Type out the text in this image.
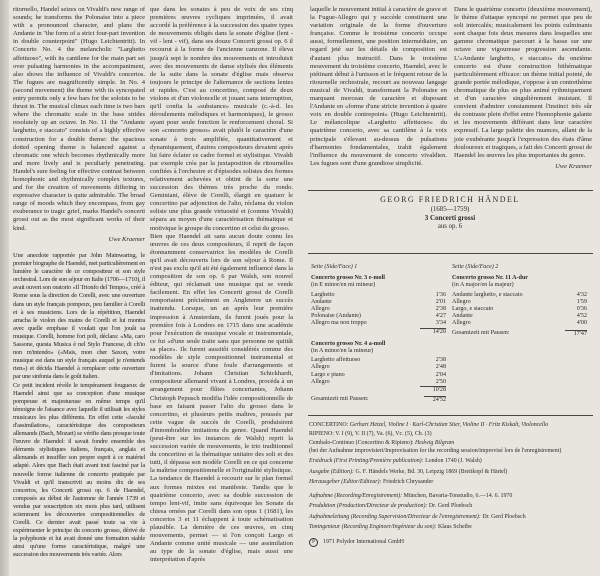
ritornello, Handel seizes on Vivaldi's new range of sounds; he transforms the Polonaise into a piece with a pronounced character, and plans the Andante in "the form of a strict four-part invention in double counterpoint" (Hugo Leichtentritt). In Concerto No. 4 the melancholic "Larghetto affettuoso", with its cantilene for the main part set over pulsating harmonies in the accompaniment, also shows the influence of Vivaldi's concertos. The fugues are magnificently simple. In No. 4 (second movement) the theme with its syncopated entry permits only a few bars for the soloists to be thrust in. The musical climax each time is two bars where the chromatic scale in the bass strides resolutely up an octave. In No. 11 the "Andante larghetto, e staccato" consists of a highly effective construction for a double theme: the spacious dotted opening theme is balanced against a chromatic one which becomes rhythmically more and more lively and is peculiarly penetrating. Handel's sure feeling for effective contrast between homophonic and rhythmically complex textures, and for the creation of movements differing in expressive character is quite admirable. The broad range of moods which they encompass, from gay exuberance to tragic grief, marks Handel's concerti grossi out as the most significant works of their kind.

Uwe Kraemer

Une anecdote rapportée par John Mainwaring, le premier biographe de Haendel, met particulièrement en lumière le caractère de ce compositeur et son style orchestral. Lors de son séjour en Italie (1706—1710), il avait ouvert son oratorio «Il Trionfo del Tempo», créé à Rome sous la direction de Corelli, avec une ouverture dans un style français pompeux, peu familier à Corelli et à ses musiciens. Lors de la répétition, Haendel arracha le violon des mains de Corelli et lui montra avec quelle emphase il voulait que l'on jouât sa musique. Corelli, homme fort poli, déclara: «Ma, caro Sassone, questa Musica è nel Stylo Francese, di ch'io non m'intendo» («Mais, mon cher Saxon, votre musique est dans un style français auquel je n'entends rien») et décida Haendel à remplacer cette ouverture par une sinfonia dans le goût italien.

Ce petit incident révèle le tempérament fougueux de Haendel ainsi que sa conception d'une musique pompeuse et majestueuse en même temps qu'il témoigne de l'aisance avec laquelle il utilisait les styles musicaux les plus différents. En effet cette «faculté d'assimilation», caractéristique des compositeurs allemands (Bach, Mozart) se vérifie dans presque toute l'œuvre de Haendel: il savait fondre ensemble des éléments stylistiques italiens, français, anglais et allemands et insuffler son propre esprit à ce matériel adapté. Alors que Bach était avant tout fasciné par la nouvelle forme italienne de concerto pratiquée par Vivaldi et qu'il transcrivit au moins dix de ses concertos, les Concerti grossi op. 6 de Haendel, composés au début de l'automne de l'année 1739 et vendus par souscription six mois plus tard, utilisent sciemment les découvertes compositionnelles de Corelli. Ce dernier avait passé toute sa vie à expérimenter le principe du concerto grosso, dérivé de la polyphonie et lui avait donné une formation stable ainsi qu'une forme caractéristique, malgré une succession des mouvements très variée. Alors

que dans les sonates à peu de voix de ses cinq premières œuvres cycliques imprimées, il avait accordé la préférence à la succession des quatre types de mouvements obligés dans la sonate d'église (lent - vif - lent - vif), dans ses douze Concerti grossi op. 6 il recourut à la forme de l'ancienne canzone. Il éleva jusqu'à sept le nombre des mouvements et introduisit avec des mouvements de danse stylisés des éléments de la suite dans la sonate d'église mais observa toujours le principe de l'alternance de sections lentes et rapides. C'est au concertino, composé de deux violons et d'un violoncelle et jouant sans interruption, qu'il confia la «substance» musicale (c.-à-d. les déroulements mélodiques et harmoniques), le grosso ayant pour seule fonction le renforcement choral. Si son «concerto grosso» avait plutôt le caractère d'une sonate à trois amplifiée, quantitativement et dynamiquement, d'autres compositeurs devaient après lui faire éclater ce cadre formel et stylistique. Vivaldi par exemple créa par la juxtaposition de ritournelles confiées à l'orchestre et d'épisodes solistes des formes relativement achevées et obtint de la sorte une succession des thèmes très proche du rondo. Geminiani, élève de Corelli, élargit en quatuor le concertino par adjonction de l'alto, réclama du violon soliste une plus grande virtuosité et (comme Vivaldi) sépara au moyen d'une caractérisation thématique et motivique le groupe du concertino et celui du grosso.

Bien que Haendel ait sans aucun doute connu les œuvres de ces deux compositeurs, il reprit de façon étonnamment conservatrice les modèles de Corelli qu'il avait découverts lors de son séjour à Rome. Il n'est pas exclu qu'il ait été également influencé dans la composition de son op. 6 par Walsh, son nouvel éditeur, qui réclamait une musique qui se vende facilement. En effet les Concerti grossi de Corelli remportaient précisément en Angleterre un succès inattendu. Lorsque, un an après leur première impression à Amsterdam, ils furent joués pour la première fois à Londres en 1715 dans une académie pour l'exécution de musique vocale et instrumentale, ce fut «d'une seule traite sans que personne ne quittât sa place». Ils furent aussitôt considérés comme des modèles de style compositionnel instrumental et furent la source d'une foule d'arrangements et d'imitations. Johann Christian Schickhardt, compositeur allemand vivant à Londres, procéda à un arrangement pour flûtes concertantes, Johann Christoph Pepusch modifia l'idée compositionnelle de base en faisant passer l'alto du grosso dans le concertino, et plusieurs petits maîtres, poussés par cette vague de succès de Corelli, produisirent d'innombrables imitations du genre. Quand Haendel (peut-être sur les instances de Walsh) reprit la succession variée de mouvements, le trio traditionnel du concertino et la thématique unitaire des soli et des tutti, il dépassa son modèle Corelli en ce qui concerne la maîtrise compositionnelle et l'originalité stylistique.

La tendance de Haendel à recourir sur le plan formel aux formes mixtes est manifeste. Tandis que le quatrième concerto, avec sa double succession de tempo lent-vif, imite sans équivoque les Sonate da chiesa ornées par Corelli dans son opus 1 (1681), les concertos 3 et 11 échappent à toute schématisation plausible. La dernière de ces œuvres, en cinq mouvements, permet — si l'on conçoit Largo et Andante comme unité musicale — une assimilation au type de la sonate d'église, mais aussi une interprétation d'après

laquelle le mouvement initial à caractère de grave et la Fugue-Allegro qui y succède constituent une variation originale de la forme d'ouverture française. Comme le troisième concerto occupe aussi, formellement, une position intermédiaire, un regard jeté sur les détails de composition est d'autant plus instructif. Dans le troisième mouvement du troisième concerto, Haendel, avec le piétinant début à l'unisson et le fréquent retour de la ritournelle orchestrale, recourt au nouveau langage musical de Vivaldi, transformant la Polonaise en marquant morceau de caractère et disposant l'Andante en «forme d'une stricte invention à quatre voix en double contrepoint» (Hugo Leichtentritt). Le mélancolique «Larghetto affettuoso» du quatrième concerto, avec sa cantilène à la voix principale s'élevant au-dessus de pulsations d'harmonies fondamentales, trahit également l'influence du mouvement de concerto vivaldien. Les fugues sont d'une grandiose simplicité.

Dans le quatrième concerto (deuxième mouvement), le thème d'attaque syncopé ne permet que peu de soli intercalés; musicalement les points culminants sont chaque fois deux mesures dans lesquelles une gamme chromatique parcourt à la basse sur une octave une vigoureuse progression ascendante. L'«Andante larghetto, e staccato» du onzième concerto est d'une construction bithématique particulièrement efficace: un thème initial pointé, de grande portée mélodique, s'oppose à un contrethème chromatique de plus en plus animé rythmiquement et d'un caractère singulièrement insistant. Il convient d'admirer constamment l'instinct très sûr du contraste plein d'effet entre l'homophonie galante et les mouvements différant dans leur caractère expressif. La large palette des nuances, allant de la joie exubérante jusqu'à l'expression des états d'âme douloureux et tragiques, a fait des Concerti grossi de Haendel les œuvres les plus importantes du genre.

Uwe Kraemer

GEORG FRIEDRICH HÄNDEL
(1685—1759)
3 Concerti grossi
aus op. 6
Seite (Side/Face) 1
Concerto grosso Nr. 3 e-moll
(in E minor/en mi mineur)
Larghetto	1'36
Andante	2'01
Allegro	2'38
Polonaise (Andante)	4'27
Allegro ma non troppo	3'34
14'20
Concerto grosso Nr. 4 a-moll
(in A minor/en la mineur)
Larghetto affettuoso	2'38
Allegro	2'48
Largo e piano	2'04
Allegro	2'50
10'28
Gesamtzeit mit Pausen:	24'52
Seite (Side/Face) 2
Concerto grosso Nr. 11 A-dur
(in A major/en la majeur)
Andante larghetto, e staccato	4'32
Allegro	1'59
Largo, e staccato	0'36
Andante	4'52
Allegro	4'00
Gesamtzeit mit Pausen:	17'47
CONCERTINO: Gerhart Hetzel, Violine I · Karl-Christian Stier, Violine II · Fritz Kiskalt, Violoncello
RIPIENO: V. I (9), V. II (7), Va. (6), Vc. (5), Cb. (3)
Cembalo-Continuo (Concertino & Ripieno): Hedwig Bilgram
(bei der Aufnahme improvisiert/Improvisation for the recording session/improvisé lors de l'enregistrement)
Erstdruck (First Printing/Première publication): London 1740 (J. Walsh)
Ausgabe (Edition): G. F. Händels Werke, Bd. 30, Leipzig 1869 (Breitkopf & Härtel)
Herausgeber (Editor/Editeur): Friedrich Chrysander
Aufnahme (Recording/Enregistrement): München, Bavaria-Tonstudio, 6.—14. 6. 1970
Produktion (Production/Directeur de production): Dr. Gerd Ploebsch
Aufnahmeleitung (Recording Supervision/Directeur de l'enregistrement): Dr. Gerd Ploebsch
Toningenieur (Recording Engineer/Ingénieur du son): Klaus Scheibe
P 1971 Polydor International GmbH
